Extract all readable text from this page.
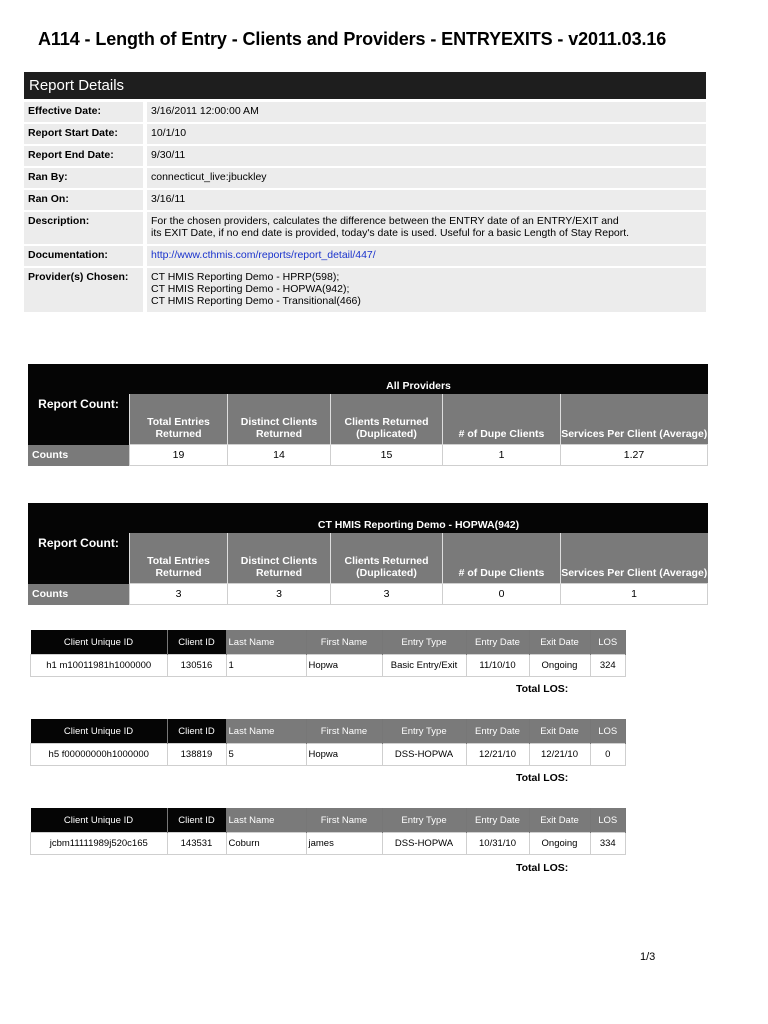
A114 - Length of Entry - Clients and Providers - ENTRYEXITS - v2011.03.16
Report Details
Effective Date:	3/16/2011 12:00:00 AM
Report Start Date:	10/1/10
Report End Date:	9/30/11
Ran By:	connecticut_live:jbuckley
Ran On:	3/16/11
Description:	For the chosen providers, calculates the difference between the ENTRY date of an ENTRY/EXIT and
its EXIT Date, if no end date is provided, today's date is used. Useful for a basic Length of Stay Report.

Documentation:	http://www.cthmis.com/reports/report_detail/447/
Provider(s) Chosen:	CT HMIS Reporting Demo - HPRP(598);
CT HMIS Reporting Demo - HOPWA(942);
CT HMIS Reporting Demo - Transitional(466)
Report Count:	All Providers				
	Total Entries Returned	Distinct Clients Returned	Clients Returned (Duplicated)	# of Dupe Clients	Services Per Client (Average)
Counts	19	14	15	1	1.27
Report Count:	CT HMIS Reporting Demo - HOPWA(942)				
	Total Entries Returned	Distinct Clients Returned	Clients Returned (Duplicated)	# of Dupe Clients	Services Per Client (Average)
Counts	3	3	3	0	1
Client Unique ID	Client ID	Last Name	First Name	Entry Type	Entry Date	Exit Date	LOS
h1 m10011981h1000000	130516	1	Hopwa	Basic Entry/Exit	11/10/10	Ongoing	324
Total LOS:
Client Unique ID	Client ID	Last Name	First Name	Entry Type	Entry Date	Exit Date	LOS
h5 f00000000h1000000	138819	5	Hopwa	DSS-HOPWA	12/21/10	12/21/10	0
Total LOS:
Client Unique ID	Client ID	Last Name	First Name	Entry Type	Entry Date	Exit Date	LOS
jcbm11111989j520c165	143531	Coburn	james	DSS-HOPWA	10/31/10	Ongoing	334
Total LOS:
1/3
